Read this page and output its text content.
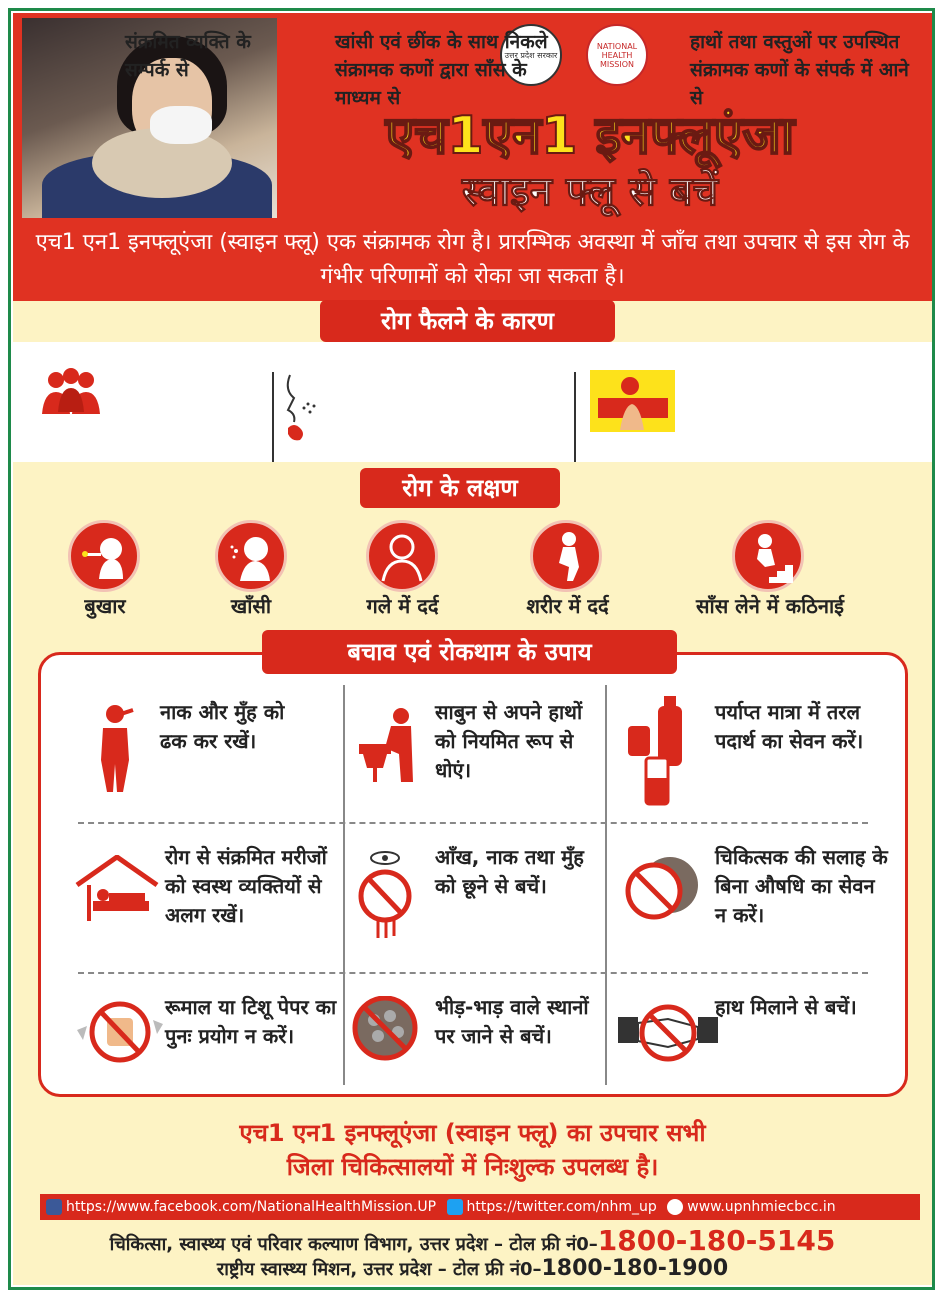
उत्तर प्रदेश सरकार
NATIONAL HEALTH MISSION
एच1एन1 इनफ्लूएंजा
स्वाइन फ्लू से बचें
एच1 एन1 इनफ्लूएंजा (स्वाइन फ्लू) एक संक्रामक रोग है। प्रारम्भिक अवस्था में जाँच तथा उपचार से इस रोग के गंभीर परिणामों को रोका जा सकता है।
रोग फैलने के कारण
संक्रमित व्यक्ति के सम्पर्क से
खांसी एवं छींक के साथ निकले संक्रामक कणों द्वारा साँस के माध्यम से
हाथों तथा वस्तुओं पर उपस्थित संक्रामक कणों के संपर्क में आने से
रोग के लक्षण
बुखार	खाँसी	गले में दर्द	शरीर में दर्द	साँस लेने में कठिनाई
बचाव एवं रोकथाम के उपाय
नाक और मुँह को ढक कर रखें।
साबुन से अपने हाथों को नियमित रूप से धोएं।
पर्याप्त मात्रा में तरल पदार्थ का सेवन करें।
रोग से संक्रमित मरीजों को स्वस्थ व्यक्तियों से अलग रखें।
आँख, नाक तथा मुँह को छूने से बचें।
चिकित्सक की सलाह के बिना औषधि का सेवन न करें।
रूमाल या टिशू पेपर का पुनः प्रयोग न करें।
भीड़-भाड़ वाले स्थानों पर जाने से बचें।
हाथ मिलाने से बचें।
एच1 एन1 इनफ्लूएंजा (स्वाइन फ्लू) का उपचार सभी
जिला चिकित्सालयों में निःशुल्क उपलब्ध है।
https://www.facebook.com/NationalHealthMission.UP https://twitter.com/nhm_up www.upnhmiecbcc.in
चिकित्सा, स्वास्थ्य एवं परिवार कल्याण विभाग, उत्तर प्रदेश – टोल फ्री नं0–1800-180-5145
राष्ट्रीय स्वास्थ्य मिशन, उत्तर प्रदेश – टोल फ्री नं0–1800-180-1900
